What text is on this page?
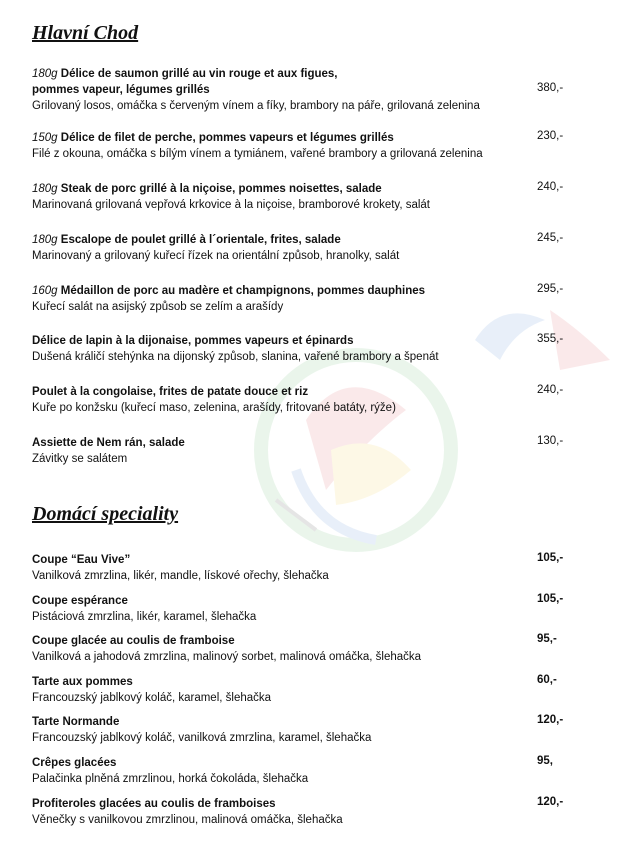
Hlavní Chod
180g Délice de saumon grillé au vin rouge et aux figues,
pommes vapeur, légumes grillés
Grilovaný losos, omáčka s červeným vínem a fíky, brambory na páře, grilovaná zelenina
380,-
150g Délice de filet de perche, pommes vapeurs et légumes grillés
Filé z okouna, omáčka s bílým vínem a tymiánem, vařené brambory a grilovaná zelenina
230,-
180g Steak de porc grillé à la niçoise, pommes noisettes, salade
Marinovaná grilovaná vepřová krkovice à la niçoise, bramborové krokety, salát
240,-
180g Escalope de poulet grillé à l´orientale, frites, salade
Marinovaný a grilovaný kuřecí řízek na orientální způsob, hranolky, salát
245,-
160g Médaillon de porc au madère et champignons, pommes dauphines
Kuřecí salát na asijský způsob se zelím a arašídy
295,-
Délice de lapin à la dijonaise, pommes vapeurs et épinards
Dušená králičí stehýnka na dijonský způsob, slanina, vařené brambory a špenát
355,-
Poulet à la congolaise, frites de patate douce et riz
Kuře po konžsku (kuřecí maso, zelenina, arašídy, fritované batáty, rýže)
240,-
Assiette de Nem rán, salade
Závitky se salátem
130,-
Domácí speciality
Coupe “Eau Vive”
Vanilková zmrzlina, likér, mandle, lískové ořechy, šlehačka
105,-
Coupe espérance
Pistáciová zmrzlina, likér, karamel, šlehačka
105,-
Coupe glacée au coulis de framboise
Vanilková a jahodová zmrzlina, malinový sorbet, malinová omáčka, šlehačka
95,-
Tarte aux pommes
Francouzský jablkový koláč, karamel, šlehačka
60,-
Tarte Normande
Francouzský jablkový koláč, vanilková zmrzlina, karamel, šlehačka
120,-
Crêpes glacées
Palačinka plněná zmrzlinou, horká čokoláda, šlehačka
95,
Profiteroles glacées au coulis de framboises
Věnečky s vanilkovou zmrzlinou, malinová omáčka, šlehačka
120,-
